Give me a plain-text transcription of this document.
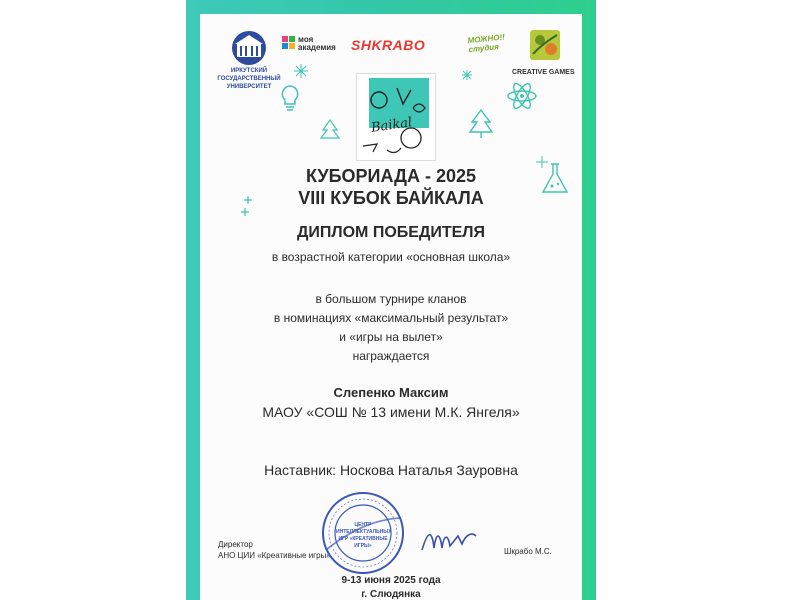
ИРКУТСКИЙ ГОСУДАРСТВЕННЫЙ УНИВЕРСИТЕТ
моя академия	SHKRABO	МОЖНО!! студия
CREATIVE GAMES
Baikal
КУБОРИАДА - 2025
VIII КУБОК БАЙКАЛА
ДИПЛОМ ПОБЕДИТЕЛЯ
в возрастной категории «основная школа»
в большом турнире кланов
в номинациях «максимальный результат»
и «игры на вылет»
награждается
Слепенко Максим
МАОУ «СОШ № 13 имени М.К. Янгеля»
Наставник: Носкова Наталья Зауровна
Директор
АНО ЦИИ «Креативные игры»
ЦЕНТР ИНТЕЛЛЕКТУАЛЬНЫХ ИГР «КРЕАТИВНЫЕ ИГРЫ»
Шкрабо М.С.
9-13 июня 2025 года
г. Слюдянка
